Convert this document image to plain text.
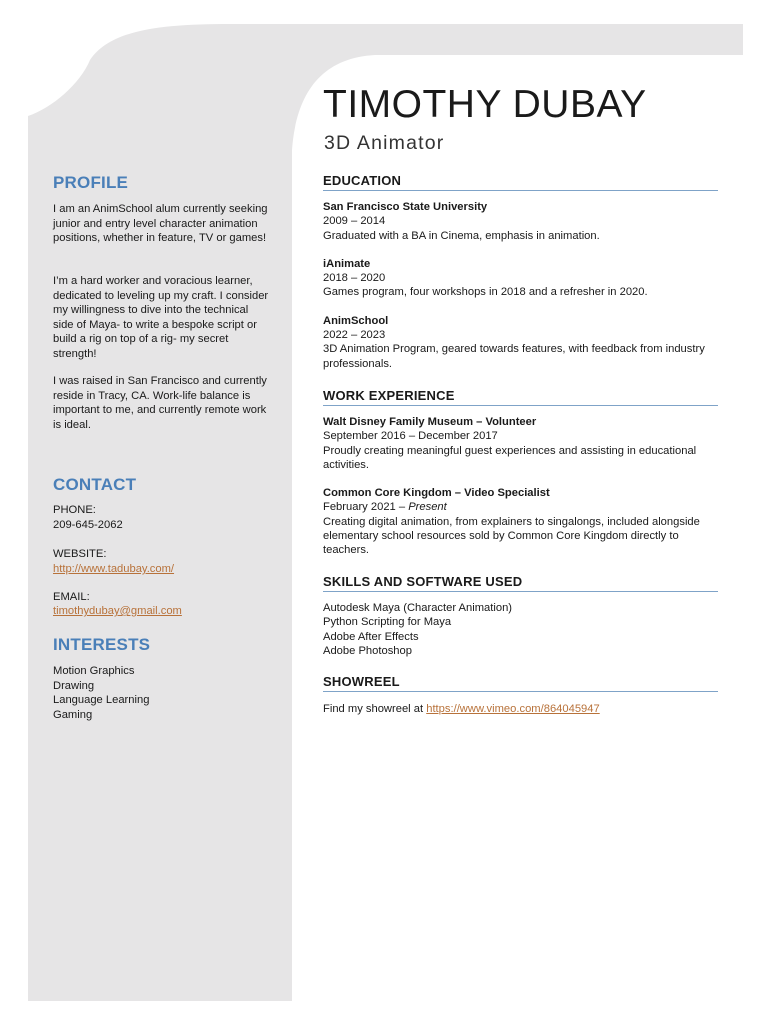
PROFILE

I am an AnimSchool alum currently seeking junior and entry level character animation positions, whether in feature, TV or games!

I’m a hard worker and voracious learner, dedicated to leveling up my craft. I consider my willingness to dive into the technical side of Maya- to write a bespoke script or build a rig on top of a rig- my secret strength!

I was raised in San Francisco and currently reside in Tracy, CA. Work-life balance is important to me, and currently remote work is ideal.

CONTACT
PHONE:
209-645-2062
WEBSITE:
http://www.tadubay.com/
EMAIL:
timothydubay@gmail.com
INTERESTS
Motion Graphics
Drawing
Language Learning
Gaming
TIMOTHY DUBAY
3D Animator
EDUCATION
San Francisco State University
2009 – 2014
Graduated with a BA in Cinema, emphasis in animation.
iAnimate
2018 – 2020
Games program, four workshops in 2018 and a refresher in 2020.
AnimSchool
2022 – 2023
3D Animation Program, geared towards features, with feedback from industry professionals.
WORK EXPERIENCE
Walt Disney Family Museum – Volunteer
September 2016 – December 2017
Proudly creating meaningful guest experiences and assisting in educational activities.
Common Core Kingdom – Video Specialist
February 2021 – Present
Creating digital animation, from explainers to singalongs, included alongside elementary school resources sold by Common Core Kingdom directly to teachers.
SKILLS AND SOFTWARE USED
Autodesk Maya (Character Animation)
Python Scripting for Maya
Adobe After Effects
Adobe Photoshop
SHOWREEL
Find my showreel at https://www.vimeo.com/864045947
